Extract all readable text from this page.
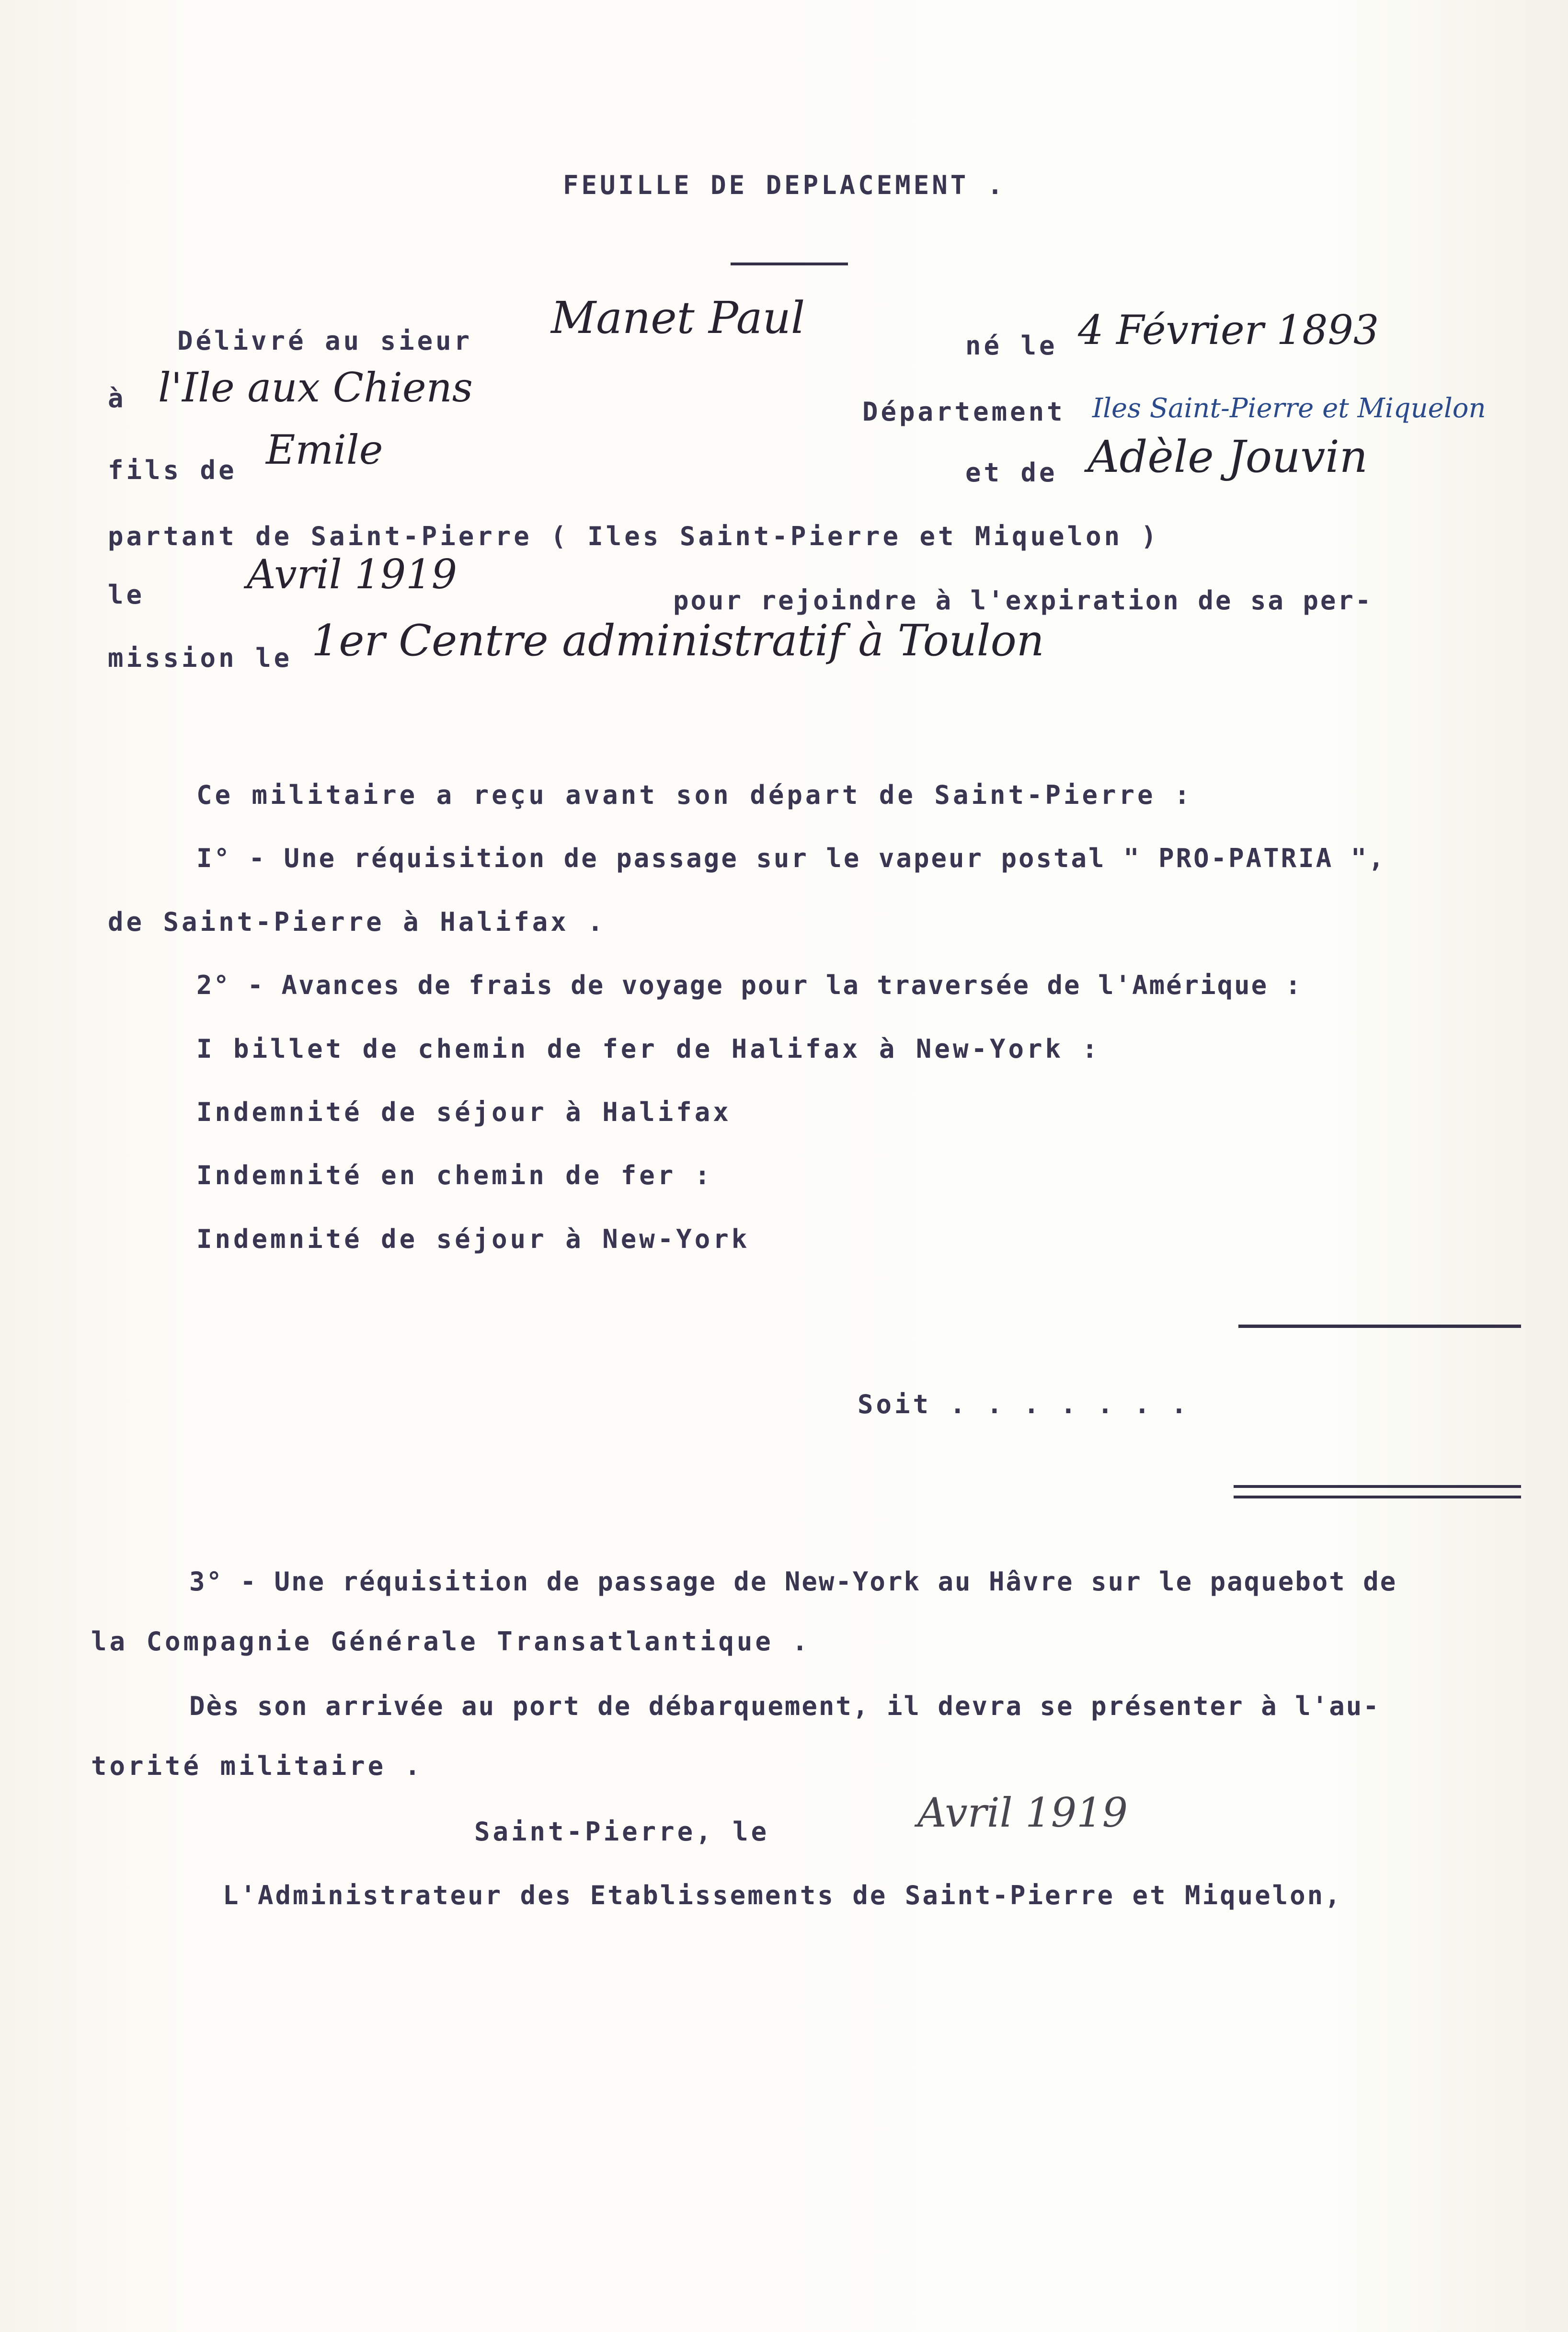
FEUILLE DE DEPLACEMENT .
Délivré au sieur Manet Paul
né le 4 Février 1893
à l'Ile aux Chiens
Département Iles Saint-Pierre et Miquelon
fils de Emile	et de Adèle Jouvin
partant de Saint-Pierre ( Iles Saint-Pierre et Miquelon )
le	Avril 1919
pour rejoindre à l'expiration de sa per-
mission le 1er Centre administratif à Toulon
Ce militaire a reçu avant son départ de Saint-Pierre :
I° - Une réquisition de passage sur le vapeur postal " PRO-PATRIA ",
de Saint-Pierre à Halifax .
2° - Avances de frais de voyage pour la traversée de l'Amérique :
I billet de chemin de fer de Halifax à New-York :
Indemnité de séjour à Halifax
Indemnité en chemin de fer :
Indemnité de séjour à New-York
Soit . . . . . . .
3° - Une réquisition de passage de New-York au Hâvre sur le paquebot de
la Compagnie Générale Transatlantique .
Dès son arrivée au port de débarquement, il devra se présenter à l'au-
torité militaire .
Saint-Pierre, le	Avril 1919
L'Administrateur des Etablissements de Saint-Pierre et Miquelon,
